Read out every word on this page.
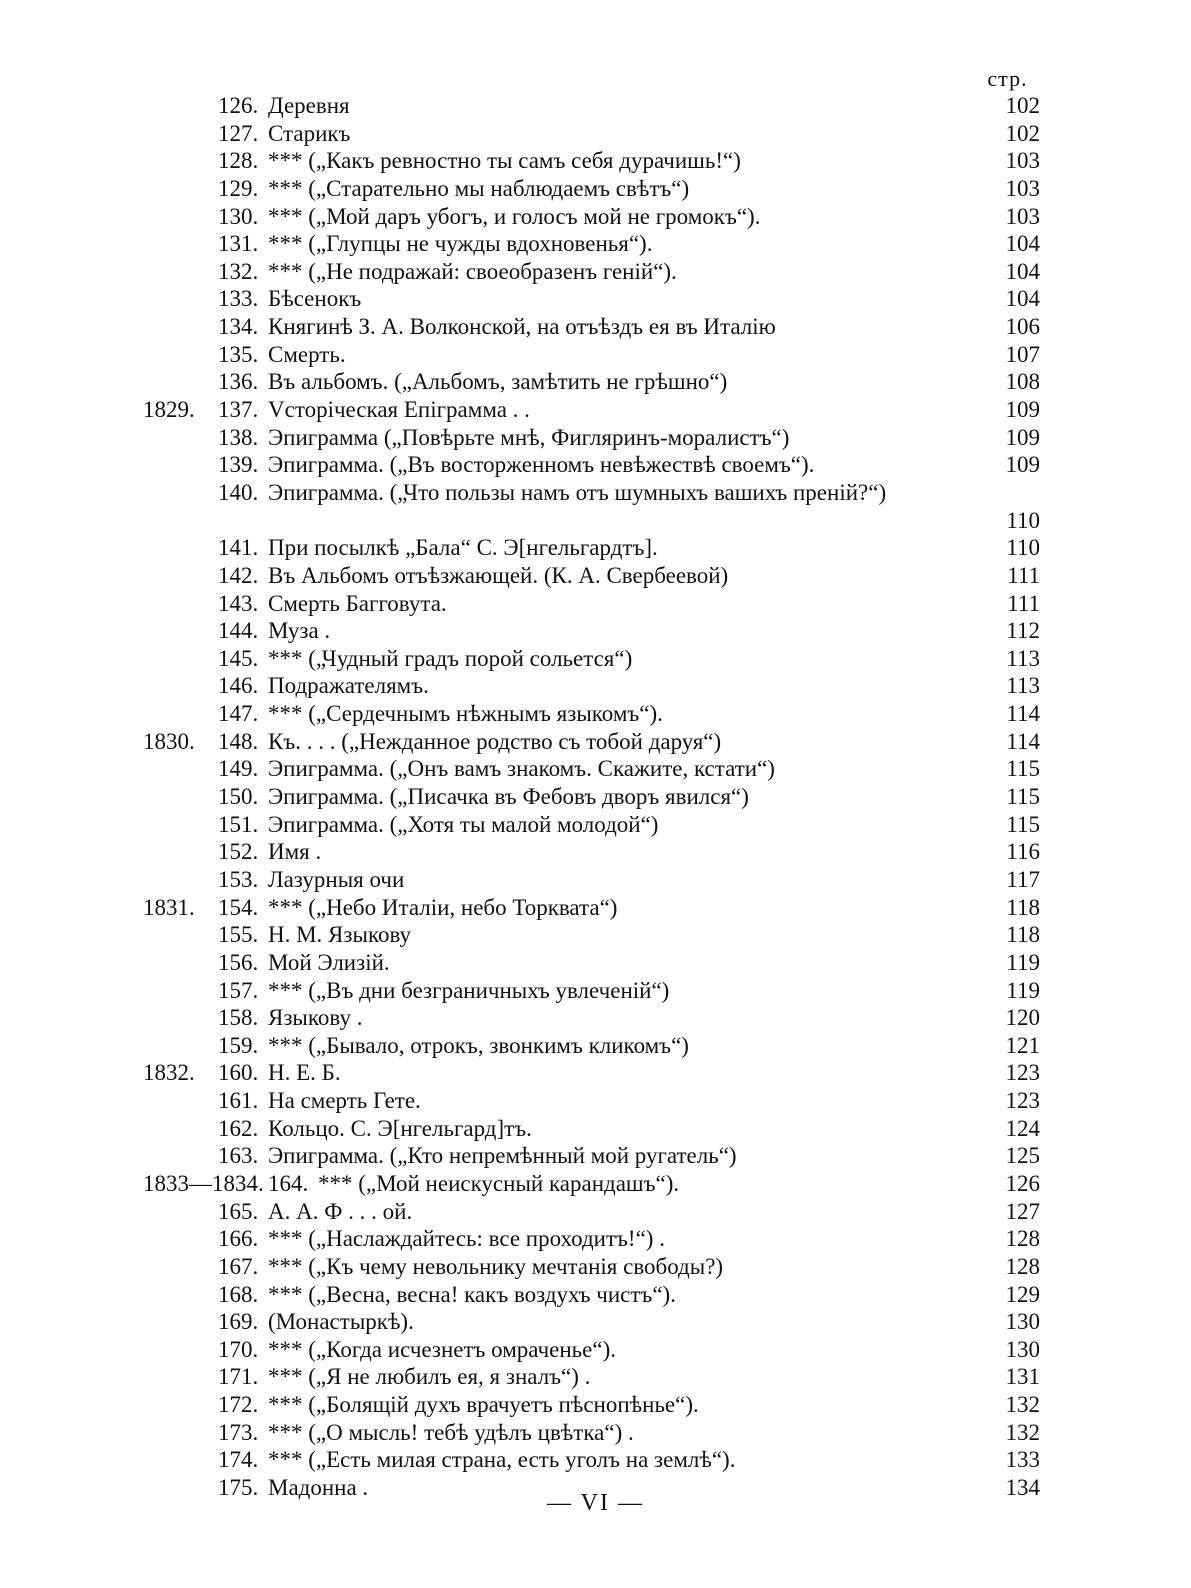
стр.
126. Деревня	102
127. Старикъ	102
128. *** („Какъ ревностно ты самъ себя дурачишь!“)	103
129. *** („Старательно мы наблюдаемъ свѣтъ“)	103
130. *** („Мой даръ убогъ, и голосъ мой не громокъ“).	103
131. *** („Глупцы не чужды вдохновенья“).	104
132. *** („Не подражай: своеобразенъ геній“).	104
133. Бѣсенокъ	104
134. Княгинѣ З. А. Волконской, на отъѣздъ ея въ Италію	106
135. Смерть.	107
136. Въ альбомъ. („Альбомъ, замѣтить не грѣшно“)	108
1829. 137. Vсторіческая Епіграмма . .	109
138. Эпиграмма („Повѣрьте мнѣ, Фигляринъ-моралистъ“)	109
139. Эпиграмма. („Въ восторженномъ невѣжествѣ своемъ“).	109
140. Эпиграмма. („Что пользы намъ отъ шумныхъ вашихъ преній?“)
110
141. При посылкѣ „Бала“ С. Э[нгельгардтъ].	110
142. Въ Альбомъ отъѣзжающей. (К. А. Свербеевой)	111
143. Смерть Багговута.	111
144. Муза .	112
145. *** („Чудный градъ порой сольется“)	113
146. Подражателямъ.	113
147. *** („Сердечнымъ нѣжнымъ языкомъ“).	114
1830. 148. Къ. . . . („Нежданное родство съ тобой даруя“)	114
149. Эпиграмма. („Онъ вамъ знакомъ. Скажите, кстати“)	115
150. Эпиграмма. („Писачка въ Фебовъ дворъ явился“)	115
151. Эпиграмма. („Хотя ты малой молодой“)	115
152. Имя .	116
153. Лазурныя очи	117
1831. 154. *** („Небо Италіи, небо Торквата“)	118
155. Н. М. Языкову	118
156. Мой Элизій.	119
157. *** („Въ дни безграничныхъ увлеченій“)	119
158. Языкову .	120
159. *** („Бывало, отрокъ, звонкимъ кликомъ“)	121
1832. 160. Н. Е. Б.	123
161. На смерть Гете.	123
162. Кольцо. С. Э[нгельгард]тъ.	124
163. Эпиграмма. („Кто непремѣнный мой ругатель“)	125
1833—1834. 164. *** („Мой неискусный карандашъ“).	126
165. А. А. Ф . . . ой.	127
166. *** („Наслаждайтесь: все проходитъ!“) .	128
167. *** („Къ чему невольнику мечтанія свободы?)	128
168. *** („Весна, весна! какъ воздухъ чистъ“).	129
169. (Монастыркѣ).	130
170. *** („Когда исчезнетъ омраченье“).	130
171. *** („Я не любилъ ея, я зналъ“) .	131
172. *** („Болящій духъ врачуетъ пѣснопѣнье“).	132
173. *** („О мысль! тебѣ удѣлъ цвѣтка“) .	132
174. *** („Есть милая страна, есть уголъ на землѣ“).	133
175. Мадонна .	134
— VI —
